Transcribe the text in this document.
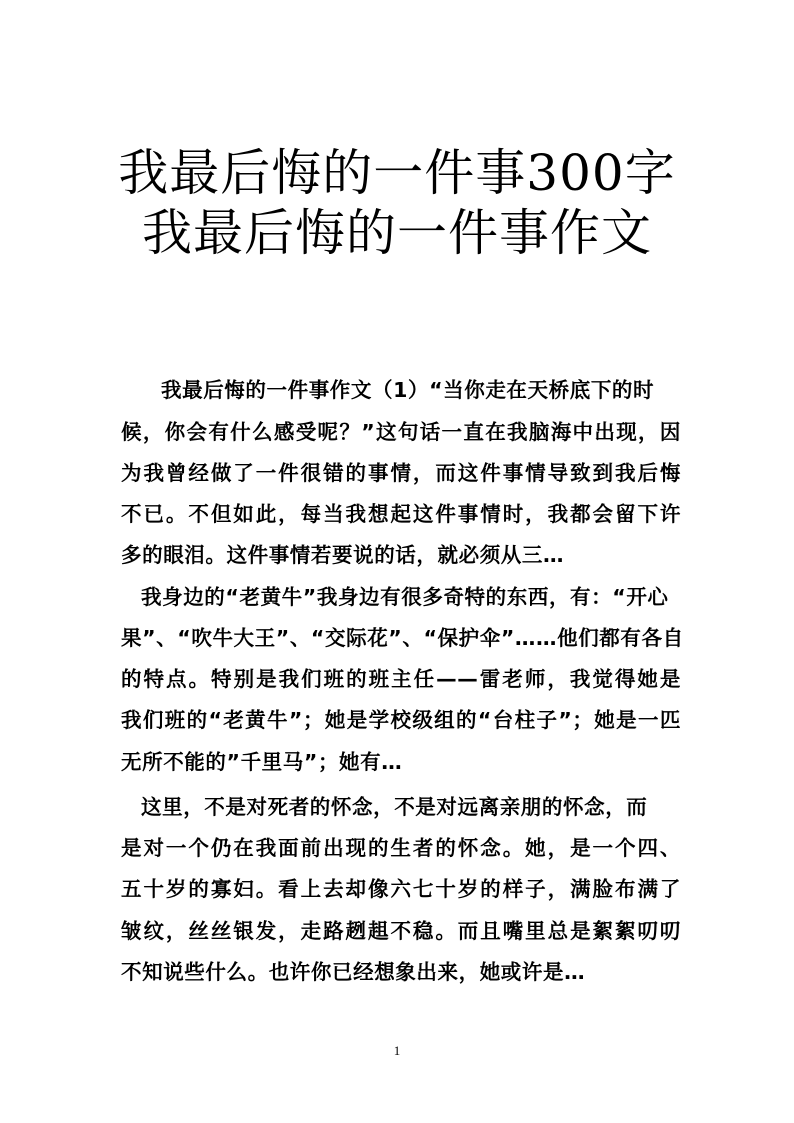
我最后悔的一件事300字
我最后悔的一件事作文
我最后悔的一件事作文（1）“当你走在天桥底下的时
候，你会有什么感受呢？”这句话一直在我脑海中出现，因
为我曾经做了一件很错的事情，而这件事情导致到我后悔
不已。不但如此，每当我想起这件事情时，我都会留下许
多的眼泪。这件事情若要说的话，就必须从三…
我身边的“老黄牛”我身边有很多奇特的东西，有：“开心
果”、“吹牛大王”、“交际花”、“保护伞”……他们都有各自
的特点。特别是我们班的班主任——雷老师，我觉得她是
我们班的“老黄牛”；她是学校级组的“台柱子”；她是一匹
无所不能的”千里马”；她有…
这里，不是对死者的怀念，不是对远离亲朋的怀念，而
是对一个仍在我面前出现的生者的怀念。她，是一个四、
五十岁的寡妇。看上去却像六七十岁的样子，满脸布满了
皱纹，丝丝银发，走路趔趄不稳。而且嘴里总是絮絮叨叨
不知说些什么。也许你已经想象出来，她或许是…
1
